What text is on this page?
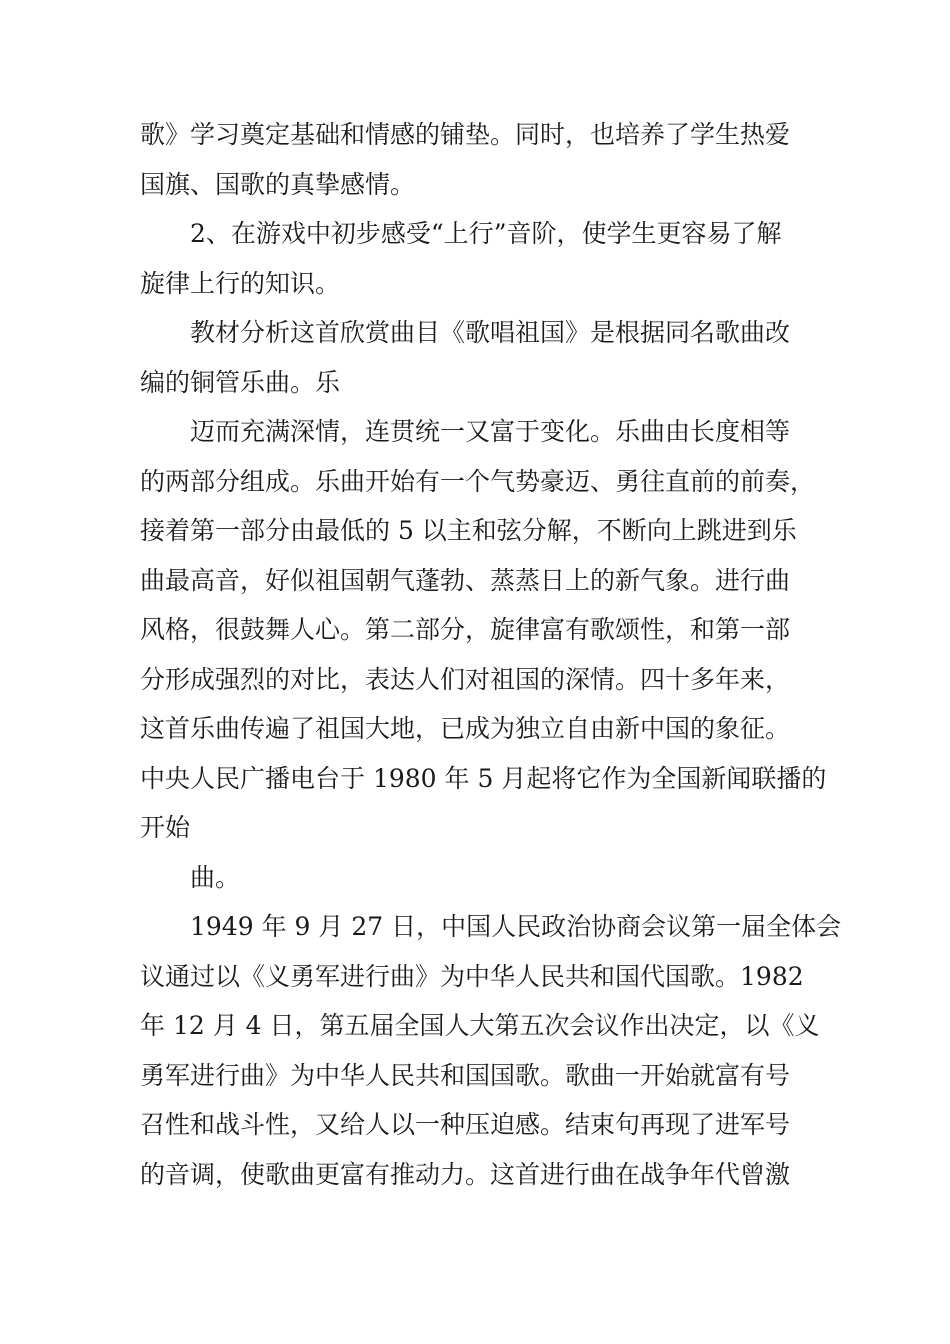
歌》学习奠定基础和情感的铺垫。同时，也培养了学生热爱
国旗、国歌的真挚感情。
2、在游戏中初步感受“上行”音阶，使学生更容易了解
旋律上行的知识。
教材分析这首欣赏曲目《歌唱祖国》是根据同名歌曲改
编的铜管乐曲。乐
迈而充满深情，连贯统一又富于变化。乐曲由长度相等
的两部分组成。乐曲开始有一个气势豪迈、勇往直前的前奏，
接着第一部分由最低的 5 以主和弦分解，不断向上跳进到乐
曲最高音，好似祖国朝气蓬勃、蒸蒸日上的新气象。进行曲
风格，很鼓舞人心。第二部分，旋律富有歌颂性，和第一部
分形成强烈的对比，表达人们对祖国的深情。四十多年来，
这首乐曲传遍了祖国大地，已成为独立自由新中国的象征。
中央人民广播电台于 1980 年 5 月起将它作为全国新闻联播的
开始
曲。
1949 年 9 月 27 日，中国人民政治协商会议第一届全体会
议通过以《义勇军进行曲》为中华人民共和国代国歌。1982
年 12 月 4 日，第五届全国人大第五次会议作出决定，以《义
勇军进行曲》为中华人民共和国国歌。歌曲一开始就富有号
召性和战斗性，又给人以一种压迫感。结束句再现了进军号
的音调，使歌曲更富有推动力。这首进行曲在战争年代曾激
